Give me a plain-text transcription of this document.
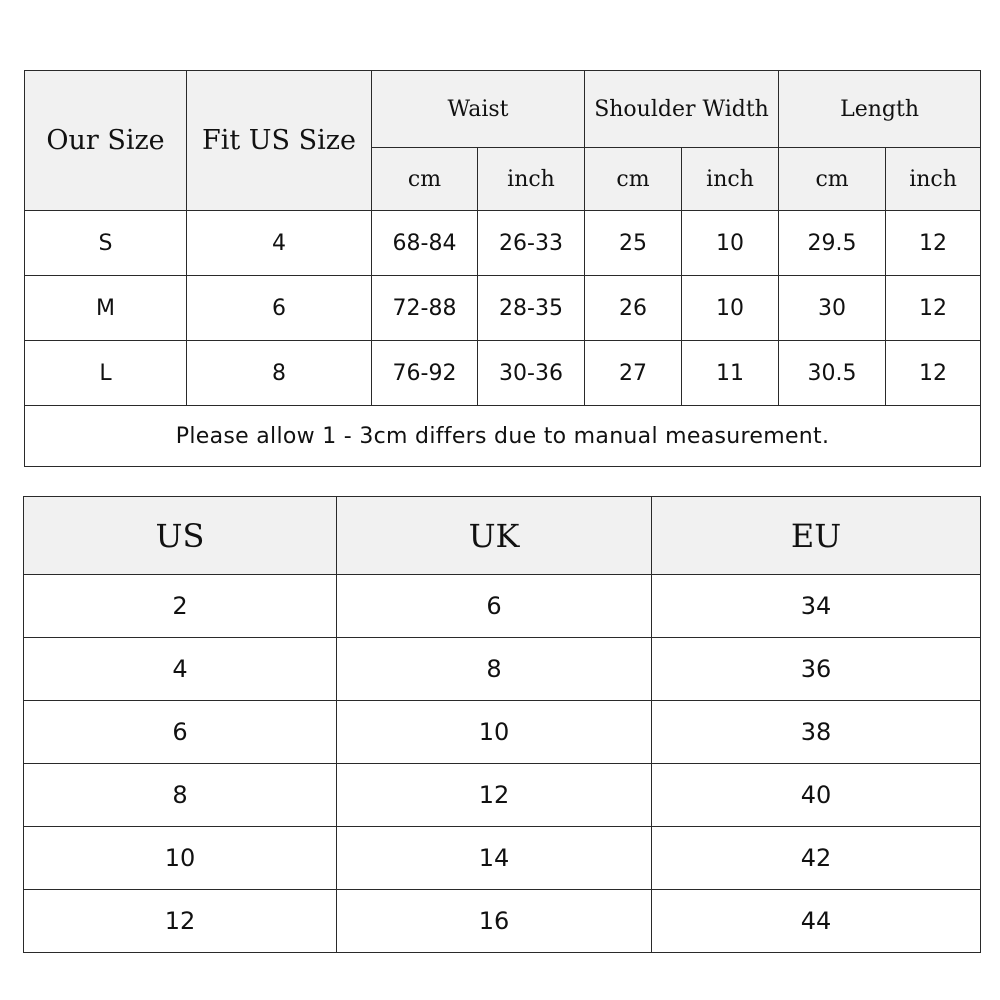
Our Size	Fit US Size	Waist		Shoulder Width		Length	
		cm	inch	cm	inch	cm	inch
S	4	68-84	26-33	25	10	29.5	12
M	6	72-88	28-35	26	10	30	12
L	8	76-92	30-36	27	11	30.5	12
Please allow 1 - 3cm differs due to manual measurement.							
US	UK	EU
2	6	34
4	8	36
6	10	38
8	12	40
10	14	42
12	16	44
